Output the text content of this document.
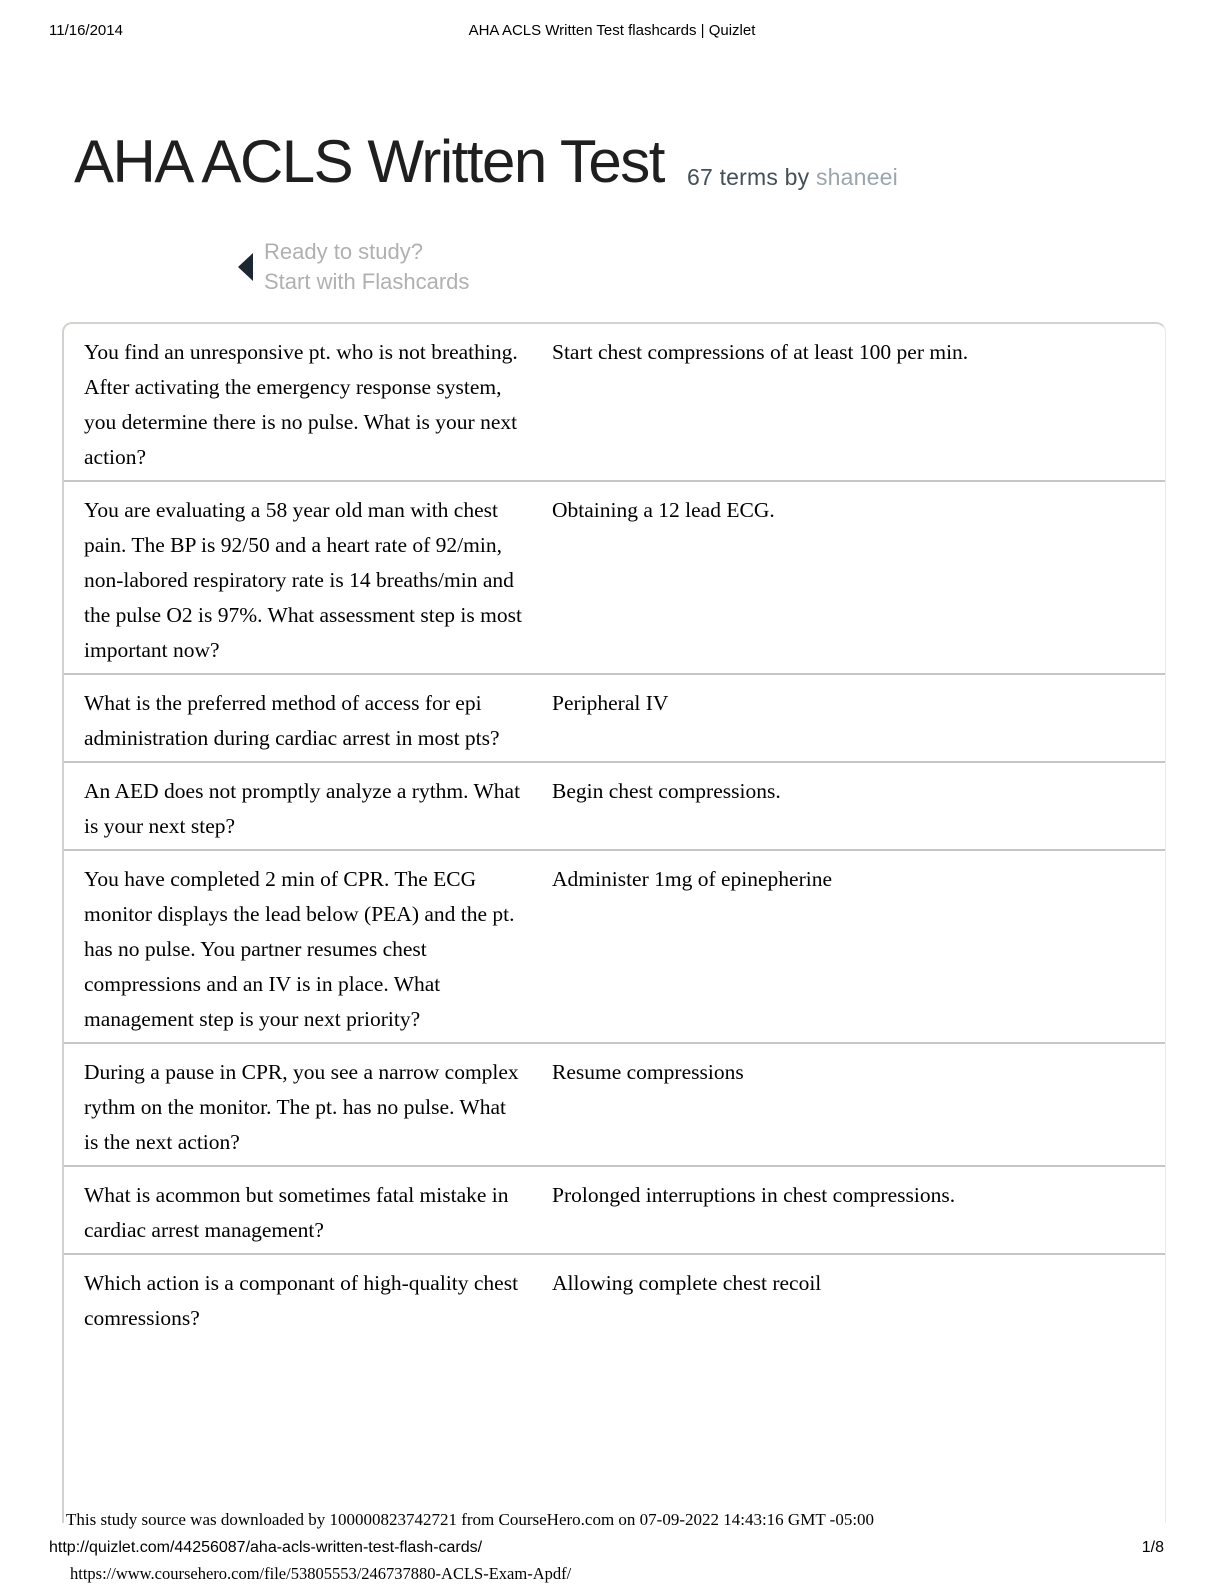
11/16/2014	AHA ACLS Written Test flashcards | Quizlet
AHA ACLS Written Test 67 terms by shaneei
Ready to study?
Start with Flashcards
You find an unresponsive pt. who is not breathing. After activating the emergency response system, you determine there is no pulse. What is your next action?
Start chest compressions of at least 100 per min.
You are evaluating a 58 year old man with chest pain. The BP is 92/50 and a heart rate of 92/min, non-labored respiratory rate is 14 breaths/min and the pulse O2 is 97%. What assessment step is most important now?
Obtaining a 12 lead ECG.
What is the preferred method of access for epi administration during cardiac arrest in most pts?
Peripheral IV
An AED does not promptly analyze a rythm. What is your next step?
Begin chest compressions.
You have completed 2 min of CPR. The ECG monitor displays the lead below (PEA) and the pt. has no pulse. You partner resumes chest compressions and an IV is in place. What management step is your next priority?
Administer 1mg of epinepherine
During a pause in CPR, you see a narrow complex rythm on the monitor. The pt. has no pulse. What is the next action?
Resume compressions
What is acommon but sometimes fatal mistake in cardiac arrest management?
Prolonged interruptions in chest compressions.
Which action is a componant of high-quality chest comressions?
Allowing complete chest recoil
This study source was downloaded by 100000823742721 from CourseHero.com on 07-09-2022 14:43:16 GMT -05:00
http://quizlet.com/44256087/aha-acls-written-test-flash-cards/	1/8
https://www.coursehero.com/file/53805553/246737880-ACLS-Exam-Apdf/
